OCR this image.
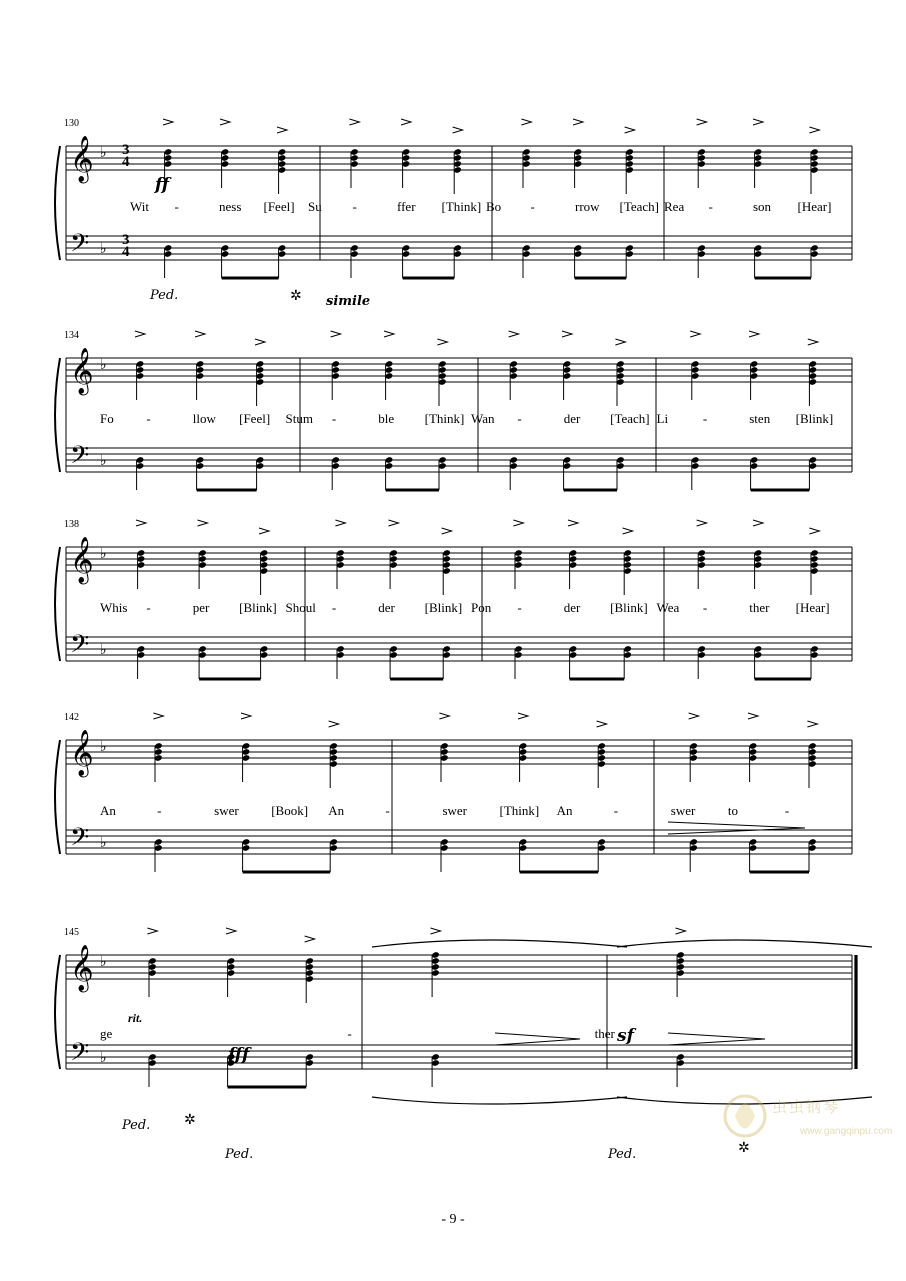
𝄞
𝄢
♭
♭
𝄞
𝄢
♭
♭
𝄞
𝄢
♭
♭
𝄞
𝄢
♭
♭
𝄞
𝄢
♭
♭
130
3
4
3
4
Wit -	ness [Feel] Su -	ffer [Think] Bo -	rrow [Teach] Rea -	son [Hear]
134
Fo	-	llow [Feel] Stum -	ble [Think] Wan -	der [Teach] Li	-	sten [Blink]
138
Whis -	per [Blink] Shoul -	der [Blink] Pon -	der [Blink] Wea -	ther [Hear]
142
An	-	swer	[Book] An	-	swer	[Think] An	-	swer	to	-
145
ge	-	ther
rit.
ff
fff
sf
Ped.	✲ simile
Ped. ✲
Ped.	Ped.	✲
- 9 -
虫虫钢琴
www.gangqinpu.com
